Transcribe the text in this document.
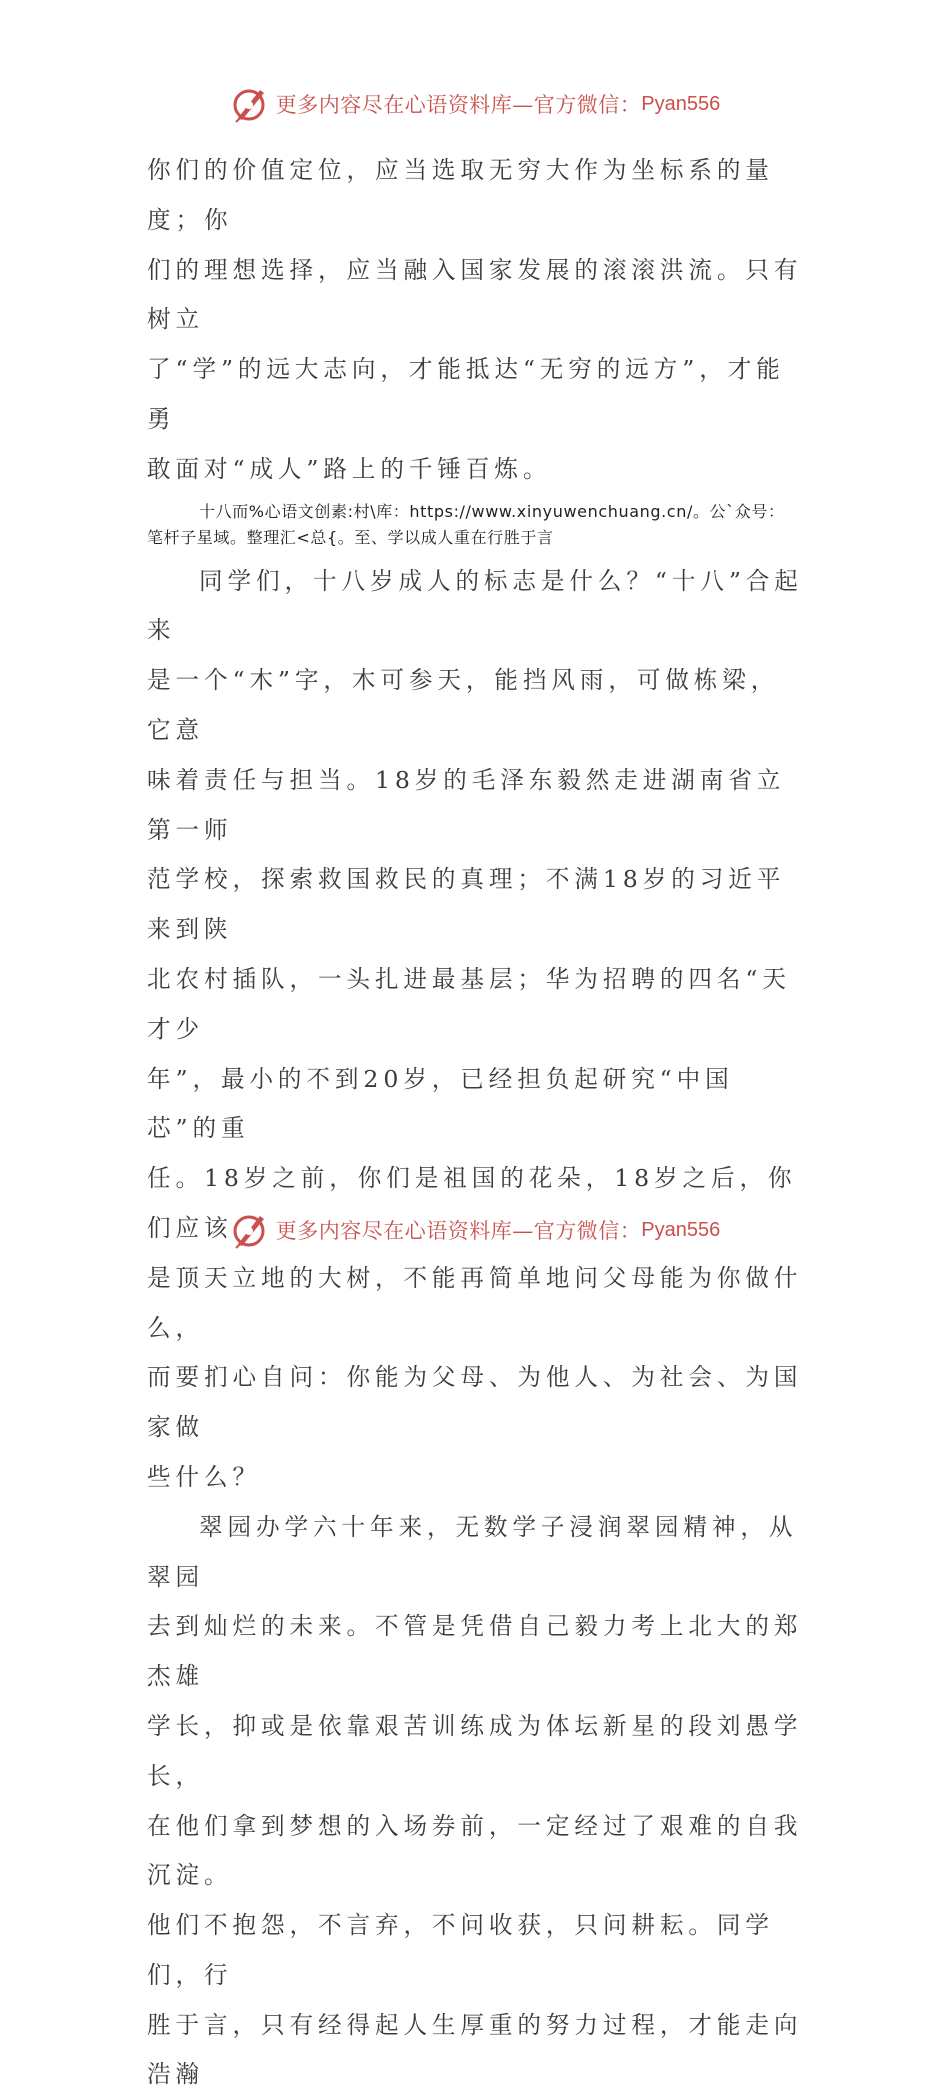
更多内容尽在心语资料库—官方微信： Pyan556

你们的价值定位，应当选取无穷大作为坐标系的量度；你

们的理想选择，应当融入国家发展的滚滚洪流。只有树立

了“学”的远大志向，才能抵达“无穷的远方”，才能勇

敢面对“成人”路上的千锤百炼。

十八而%心语文创素:村\库：https://www.xinyuwenchuang.cn/。公`众号：
笔杆子星域。整理汇<总{。至、学以成人重在行胜于言

同学们，十八岁成人的标志是什么？“十八”合起来

是一个“木”字，木可参天，能挡风雨，可做栋梁，它意

味着责任与担当。18岁的毛泽东毅然走进湖南省立第一师

范学校，探索救国救民的真理；不满18岁的习近平来到陕

北农村插队，一头扎进最基层；华为招聘的四名“天才少

年”，最小的不到20岁，已经担负起研究“中国芯”的重

任。18岁之前，你们是祖国的花朵，18岁之后，你们应该

是顶天立地的大树，不能再简单地问父母能为你做什么，

而要扪心自问：你能为父母、为他人、为社会、为国家做

些什么？

翠园办学六十年来，无数学子浸润翠园精神，从翠园

去到灿烂的未来。不管是凭借自己毅力考上北大的郑杰雄

学长，抑或是依靠艰苦训练成为体坛新星的段刘愚学长，

在他们拿到梦想的入场券前，一定经过了艰难的自我沉淀。

他们不抱怨，不言弃，不问收获，只问耕耘。同学们，行

胜于言，只有经得起人生厚重的努力过程，才能走向浩瀚

更多内容尽在心语资料库—官方微信： Pyan556
